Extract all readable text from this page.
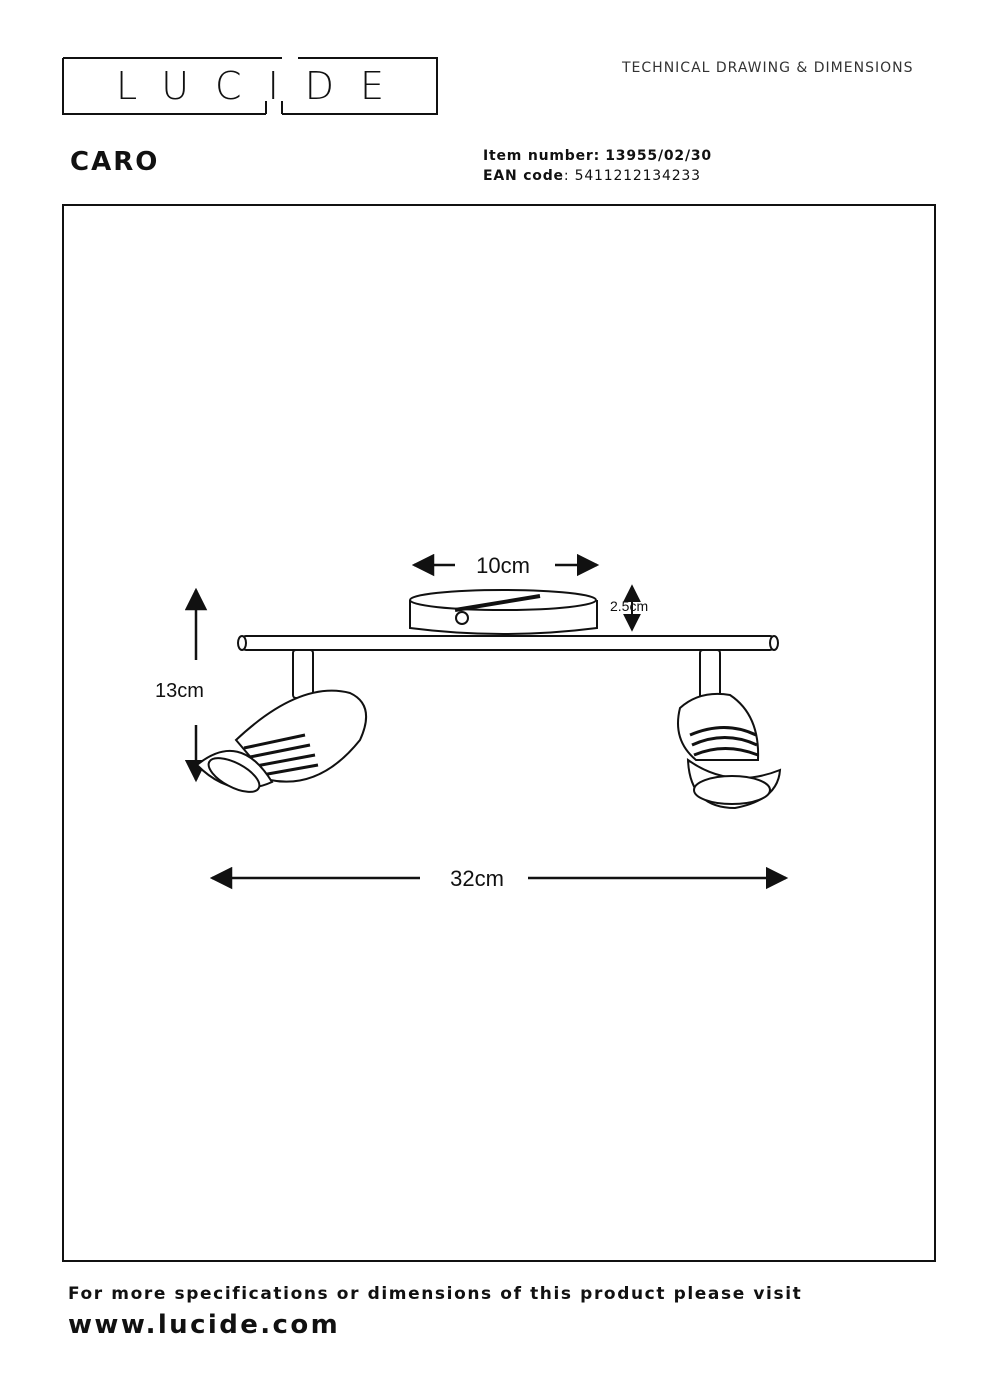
LUCIDE	TECHNICAL DRAWING & DIMENSIONS
CARO	Item number: 13955/02/30
EAN code: 5411212134233
10cm
2.5cm
13cm
32cm
For more specifications or dimensions of this product please visit
www.lucide.com
